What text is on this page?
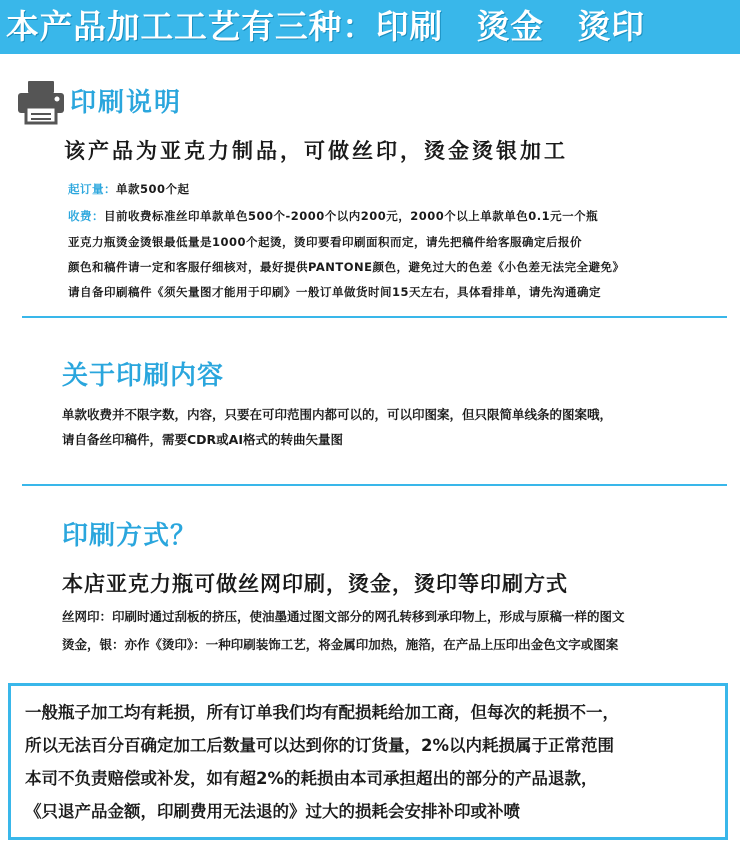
本产品加工工艺有三种：印刷　烫金　烫印
印刷说明
该产品为亚克力制品，可做丝印，烫金烫银加工
起订量：单款500个起
收费：目前收费标准丝印单款单色500个-2000个以内200元，2000个以上单款单色0.1元一个瓶
亚克力瓶烫金烫银最低量是1000个起烫，烫印要看印刷面积而定，请先把稿件给客服确定后报价
颜色和稿件请一定和客服仔细核对，最好提供PANTONE颜色，避免过大的色差《小色差无法完全避免》
请自备印刷稿件《须矢量图才能用于印刷》一般订单做货时间15天左右，具体看排单，请先沟通确定
关于印刷内容
单款收费并不限字数，内容，只要在可印范围内都可以的，可以印图案，但只限简单线条的图案哦，
请自备丝印稿件，需要CDR或AI格式的转曲矢量图
印刷方式？
本店亚克力瓶可做丝网印刷，烫金，烫印等印刷方式
丝网印：印刷时通过刮板的挤压，使油墨通过图文部分的网孔转移到承印物上，形成与原稿一样的图文
烫金，银：亦作《烫印》：一种印刷装饰工艺，将金属印加热，施箔，在产品上压印出金色文字或图案
一般瓶子加工均有耗损，所有订单我们均有配损耗给加工商，但每次的耗损不一，
所以无法百分百确定加工后数量可以达到你的订货量，2%以内耗损属于正常范围
本司不负责赔偿或补发，如有超2%的耗损由本司承担超出的部分的产品退款，
《只退产品金额，印刷费用无法退的》过大的损耗会安排补印或补喷
